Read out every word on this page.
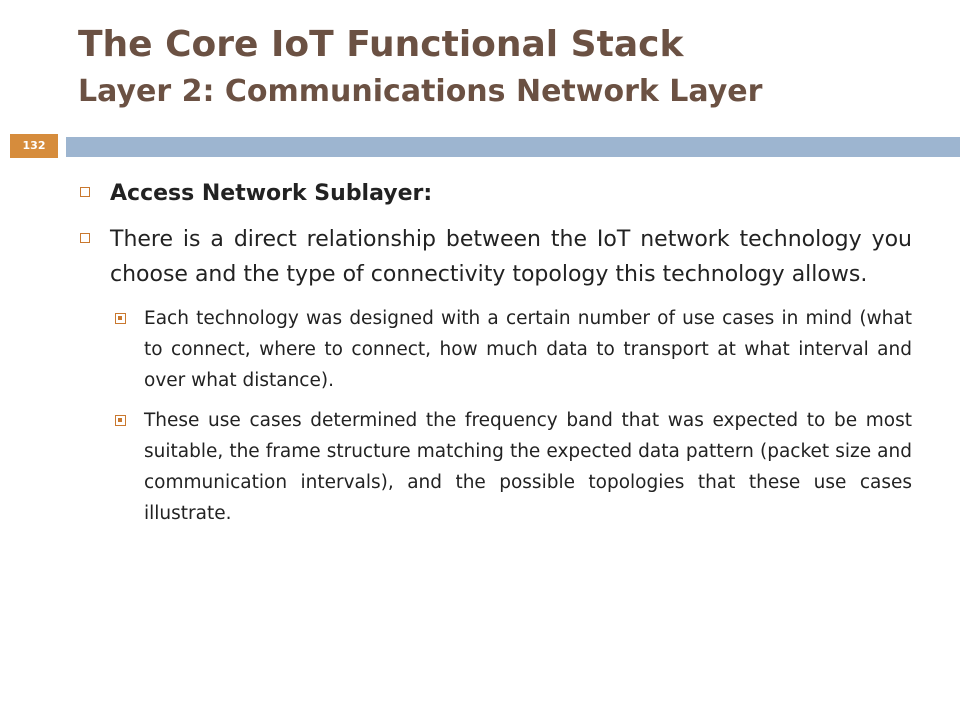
The Core IoT Functional Stack
Layer 2: Communications Network Layer
132
Access Network Sublayer:
There is a direct relationship between the IoT network technology you choose and the type of connectivity topology this technology allows.
Each technology was designed with a certain number of use cases in mind (what to connect, where to connect, how much data to transport at what interval and over what distance).
These use cases determined the frequency band that was expected to be most suitable, the frame structure matching the expected data pattern (packet size and communication intervals), and the possible topologies that these use cases illustrate.
